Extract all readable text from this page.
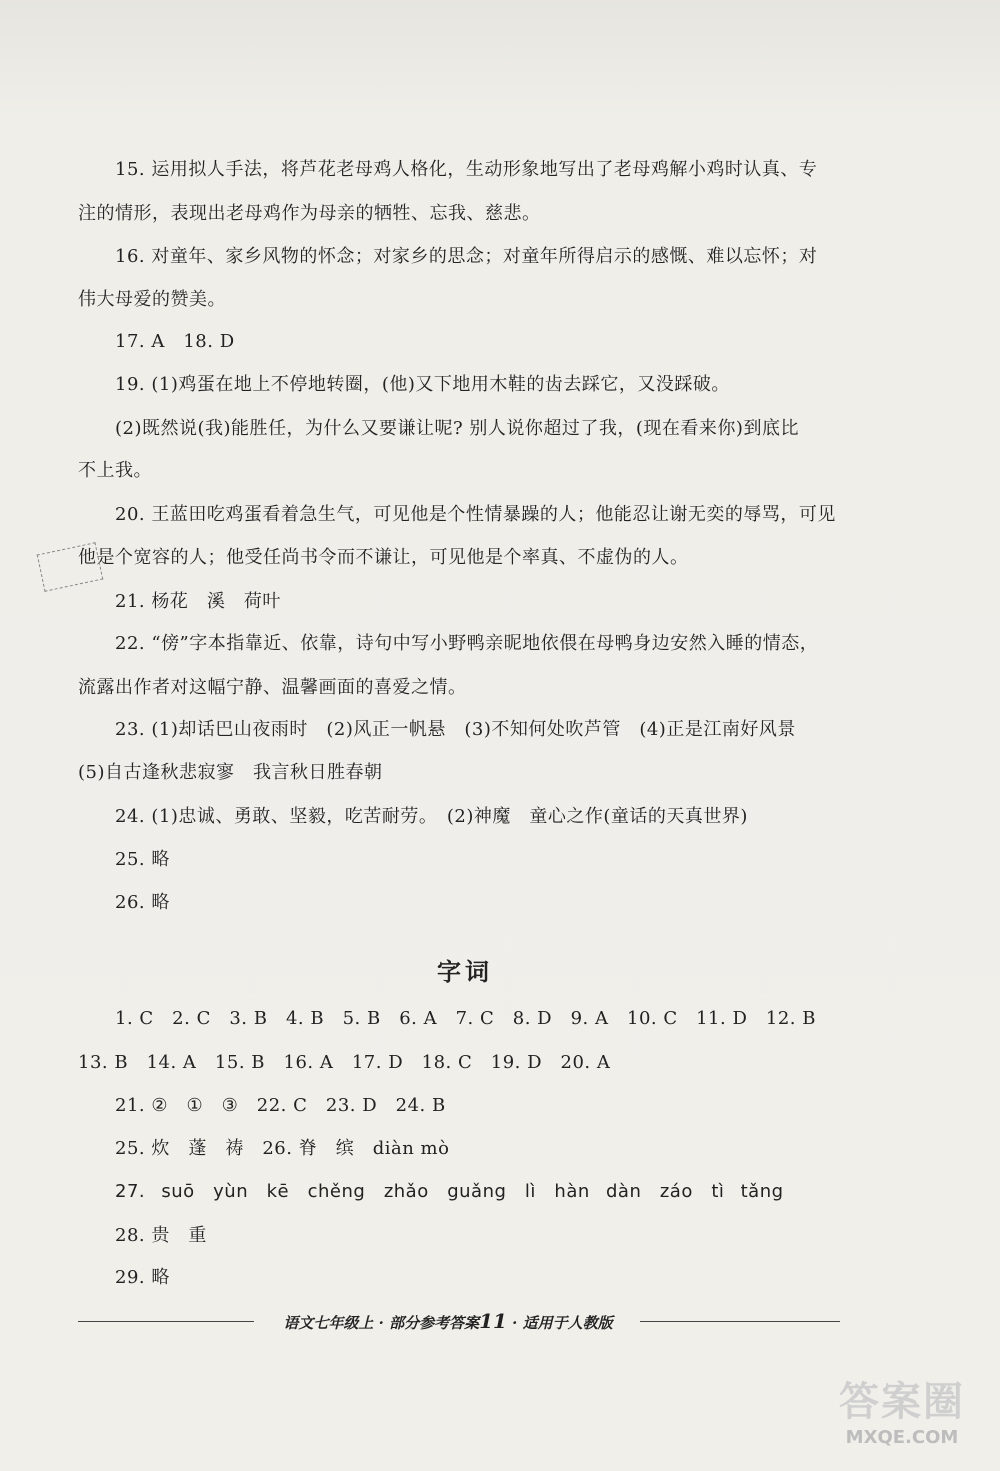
15. 运用拟人手法，将芦花老母鸡人格化，生动形象地写出了老母鸡解小鸡时认真、专
注的情形，表现出老母鸡作为母亲的牺牲、忘我、慈悲。
16. 对童年、家乡风物的怀念；对家乡的思念；对童年所得启示的感慨、难以忘怀；对
伟大母爱的赞美。
17. A　18. D
19. (1)鸡蛋在地上不停地转圈，(他)又下地用木鞋的齿去踩它，又没踩破。
(2)既然说(我)能胜任，为什么又要谦让呢? 别人说你超过了我，(现在看来你)到底比
不上我。
20. 王蓝田吃鸡蛋看着急生气，可见他是个性情暴躁的人；他能忍让谢无奕的辱骂，可见
他是个宽容的人；他受任尚书令而不谦让，可见他是个率真、不虚伪的人。
21. 杨花　溪　荷叶
22. “傍”字本指靠近、依靠，诗句中写小野鸭亲昵地依偎在母鸭身边安然入睡的情态，
流露出作者对这幅宁静、温馨画面的喜爱之情。
23. (1)却话巴山夜雨时　(2)风正一帆悬　(3)不知何处吹芦管　(4)正是江南好风景
(5)自古逢秋悲寂寥　我言秋日胜春朝
24. (1)忠诚、勇敢、坚毅，吃苦耐劳。　(2)神魔　童心之作(童话的天真世界)
25. 略
26. 略
字词
1. C　2. C　3. B　4. B　5. B　6. A　7. C　8. D　9. A　10. C　11. D　12. B
13. B　14. A　15. B　16. A　17. D　18. C　19. D　20. A
21. ②　①　③　22. C　23. D　24. B
25. 炊　蓬　祷　26. 脊　缤　diàn mò
27. suō　yùn　kē　chěng　zhǎo　guǎng　lì　hàn dàn　záo　tì tǎng
28. 贵　重
29. 略
语文七年级上 · 部分参考答案11 · 适用于人教版
答案圈
MXQE.COM
